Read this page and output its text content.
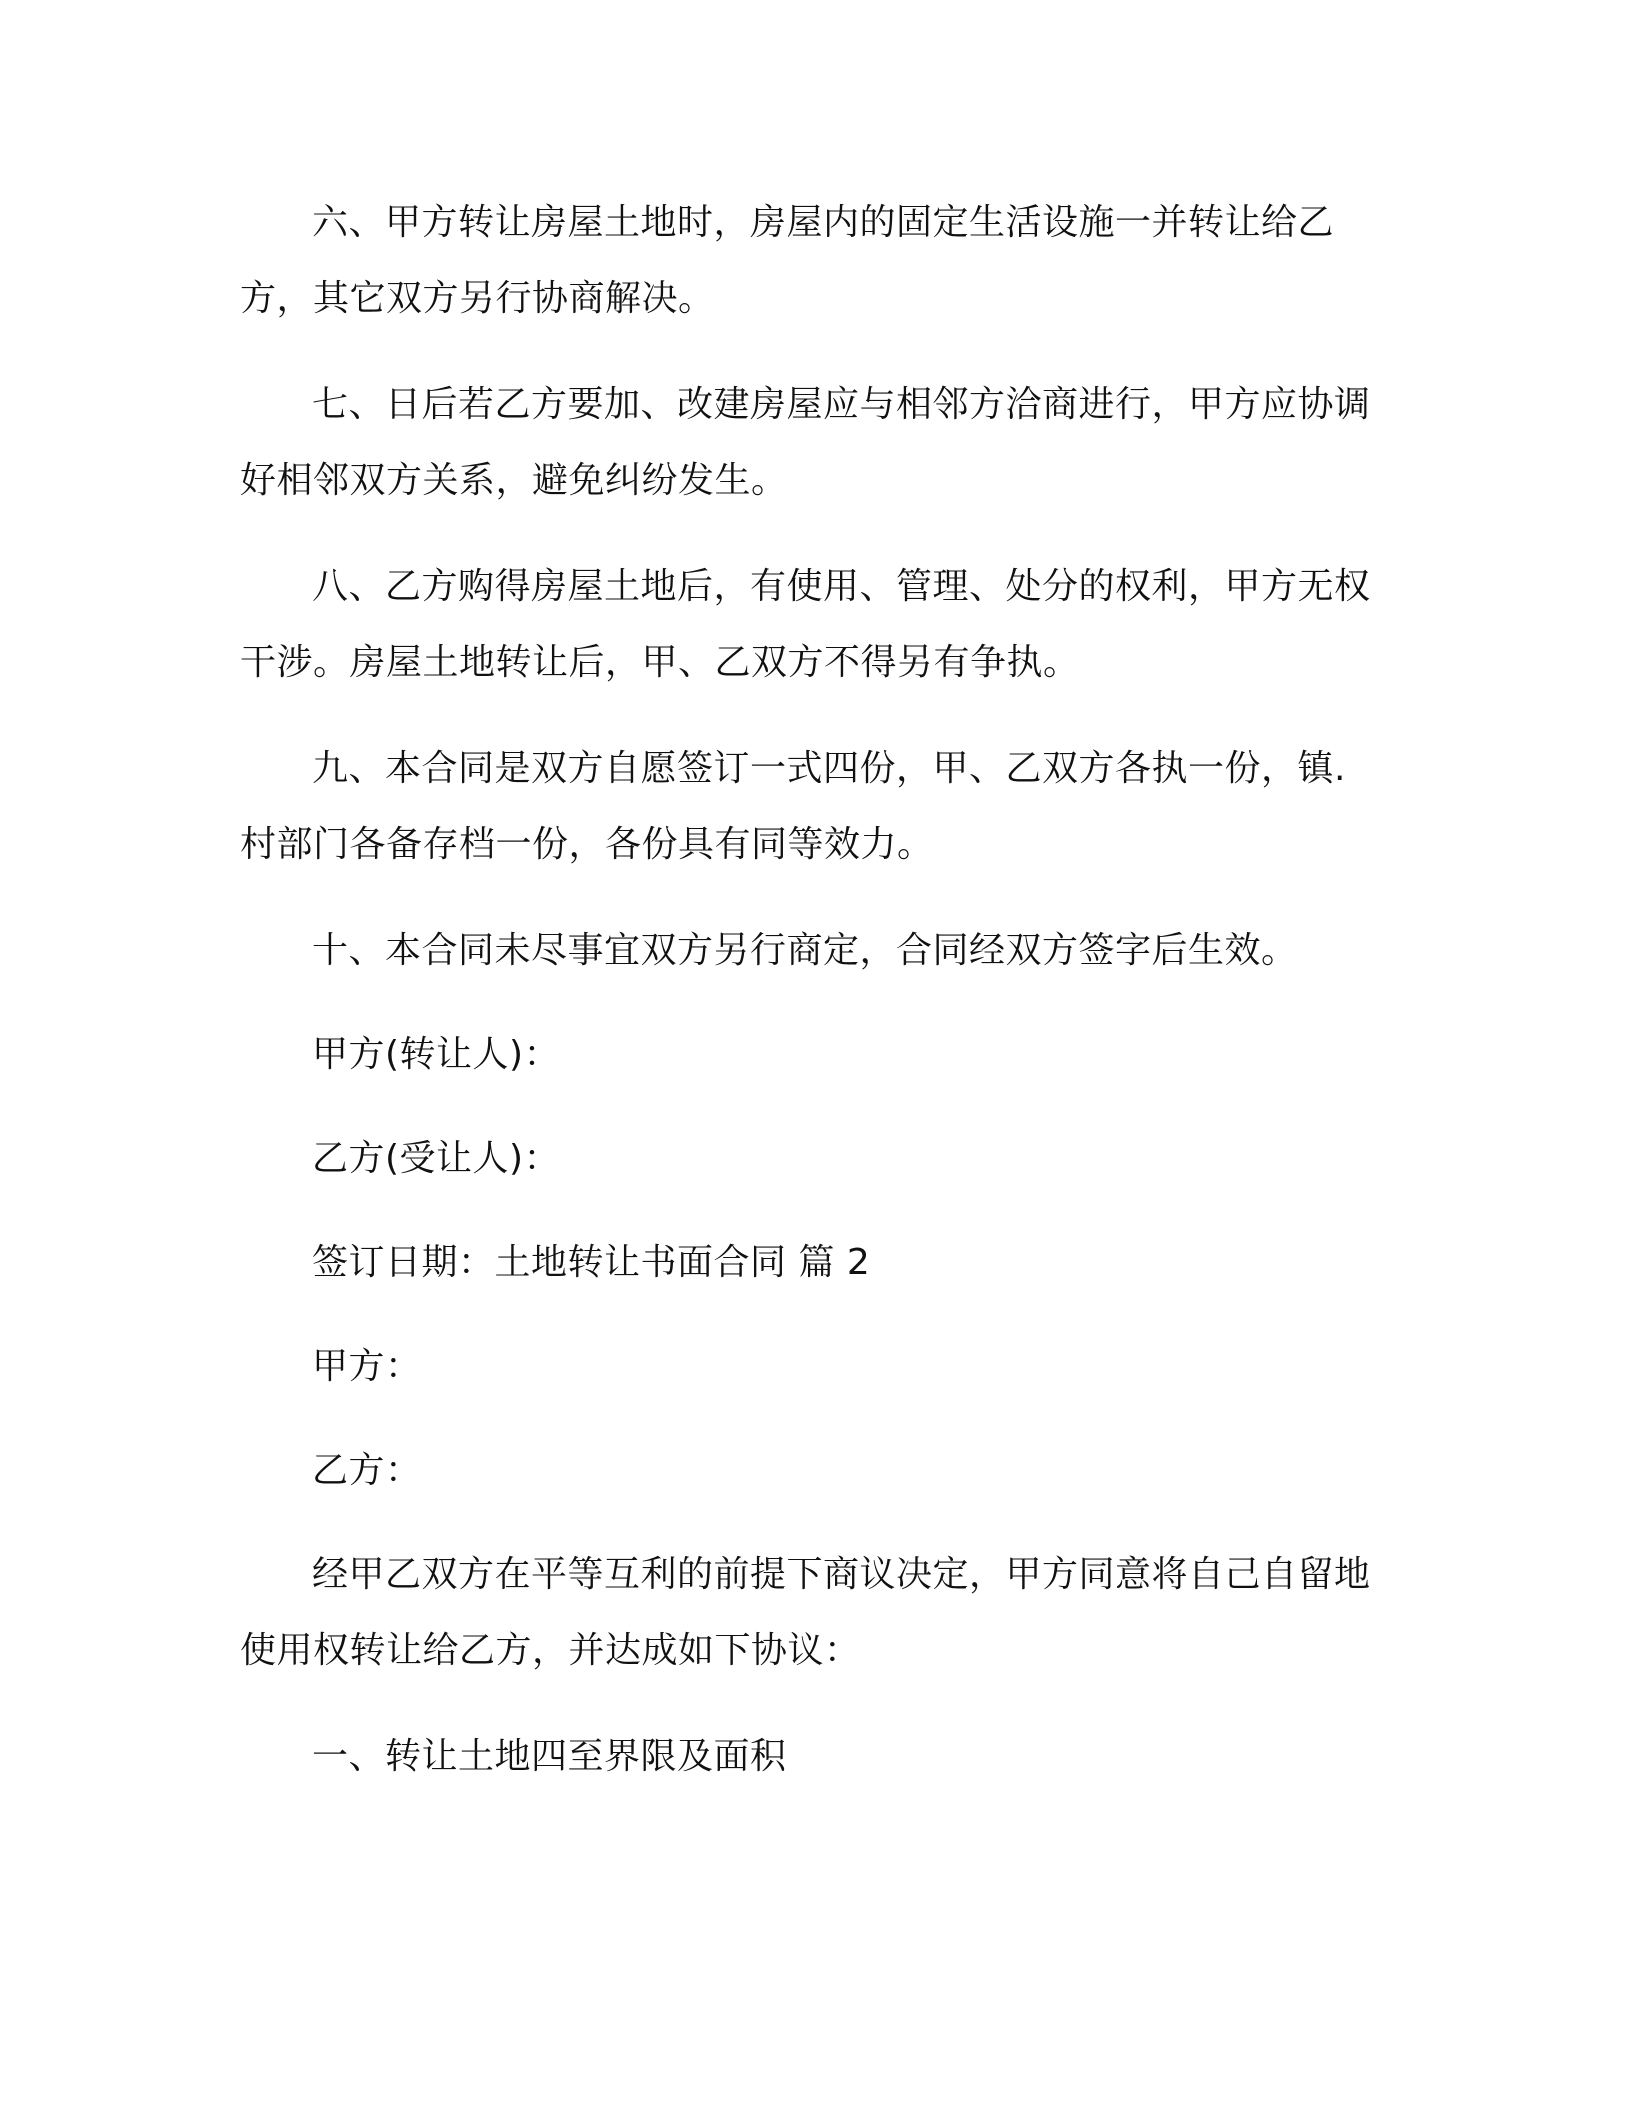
六、甲方转让房屋土地时，房屋内的固定生活设施一并转让给乙方，其它双方另行协商解决。

七、日后若乙方要加、改建房屋应与相邻方洽商进行，甲方应协调好相邻双方关系，避免纠纷发生。

八、乙方购得房屋土地后，有使用、管理、处分的权利，甲方无权干涉。房屋土地转让后，甲、乙双方不得另有争执。

九、本合同是双方自愿签订一式四份，甲、乙双方各执一份，镇.村部门各备存档一份，各份具有同等效力。

十、本合同未尽事宜双方另行商定，合同经双方签字后生效。

甲方(转让人)：

乙方(受让人)：

签订日期：土地转让书面合同 篇 2

甲方：

乙方：

经甲乙双方在平等互利的前提下商议决定，甲方同意将自己自留地使用权转让给乙方，并达成如下协议：

一、转让土地四至界限及面积
